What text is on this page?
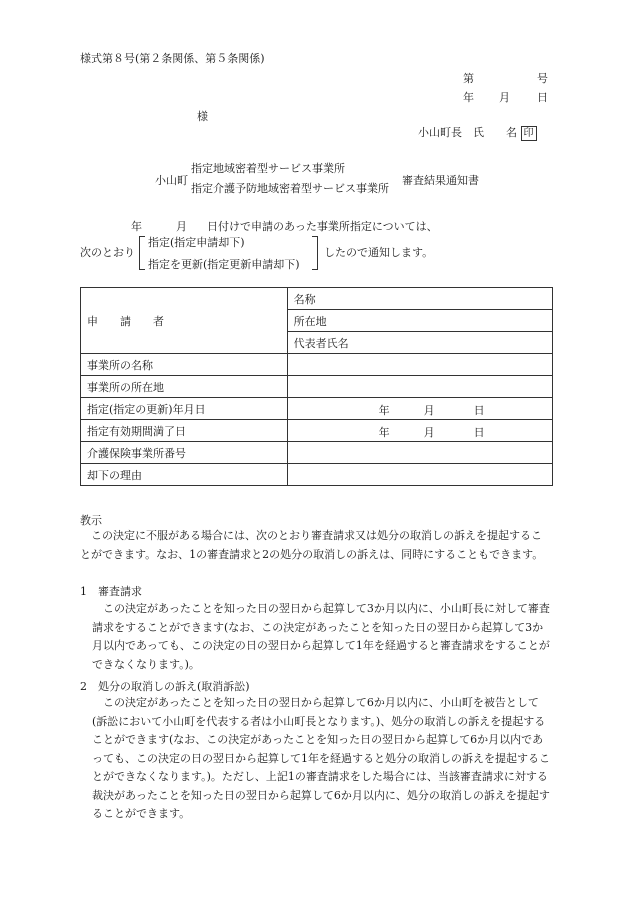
様式第８号(第２条関係、第５条関係)
第	号
年 月 日
様
小山町長　氏　　名 印
小山町
指定地域密着型サービス事業所
指定介護予防地域密着型サービス事業所
審査結果通知書
年	月 日付けで申請のあった事業所指定については、
次のとおり
指定(指定申請却下)
指定を更新(指定更新申請却下)
したので通知します。
申　　請　　者	名称
	所在地
	代表者氏名
事業所の名称	
事業所の所在地	
指定(指定の更新)年月日	年 月 日

指定有効期間満了日	年 月 日

介護保険事業所番号	
却下の理由	
教示
この決定に不服がある場合には、次のとおり審査請求又は処分の取消しの訴えを提起することができます。なお、1の審査請求と2の処分の取消しの訴えは、同時にすることもできます。
1　審査請求
この決定があったことを知った日の翌日から起算して3か月以内に、小山町長に対して審査請求をすることができます(なお、この決定があったことを知った日の翌日から起算して3か月以内であっても、この決定の日の翌日から起算して1年を経過すると審査請求をすることができなくなります。)。
2　処分の取消しの訴え(取消訴訟)
この決定があったことを知った日の翌日から起算して6か月以内に、小山町を被告として(訴訟において小山町を代表する者は小山町長となります。)、処分の取消しの訴えを提起することができます(なお、この決定があったことを知った日の翌日から起算して6か月以内であっても、この決定の日の翌日から起算して1年を経過すると処分の取消しの訴えを提起することができなくなります。)。ただし、上記1の審査請求をした場合には、当該審査請求に対する裁決があったことを知った日の翌日から起算して6か月以内に、処分の取消しの訴えを提起することができます。
